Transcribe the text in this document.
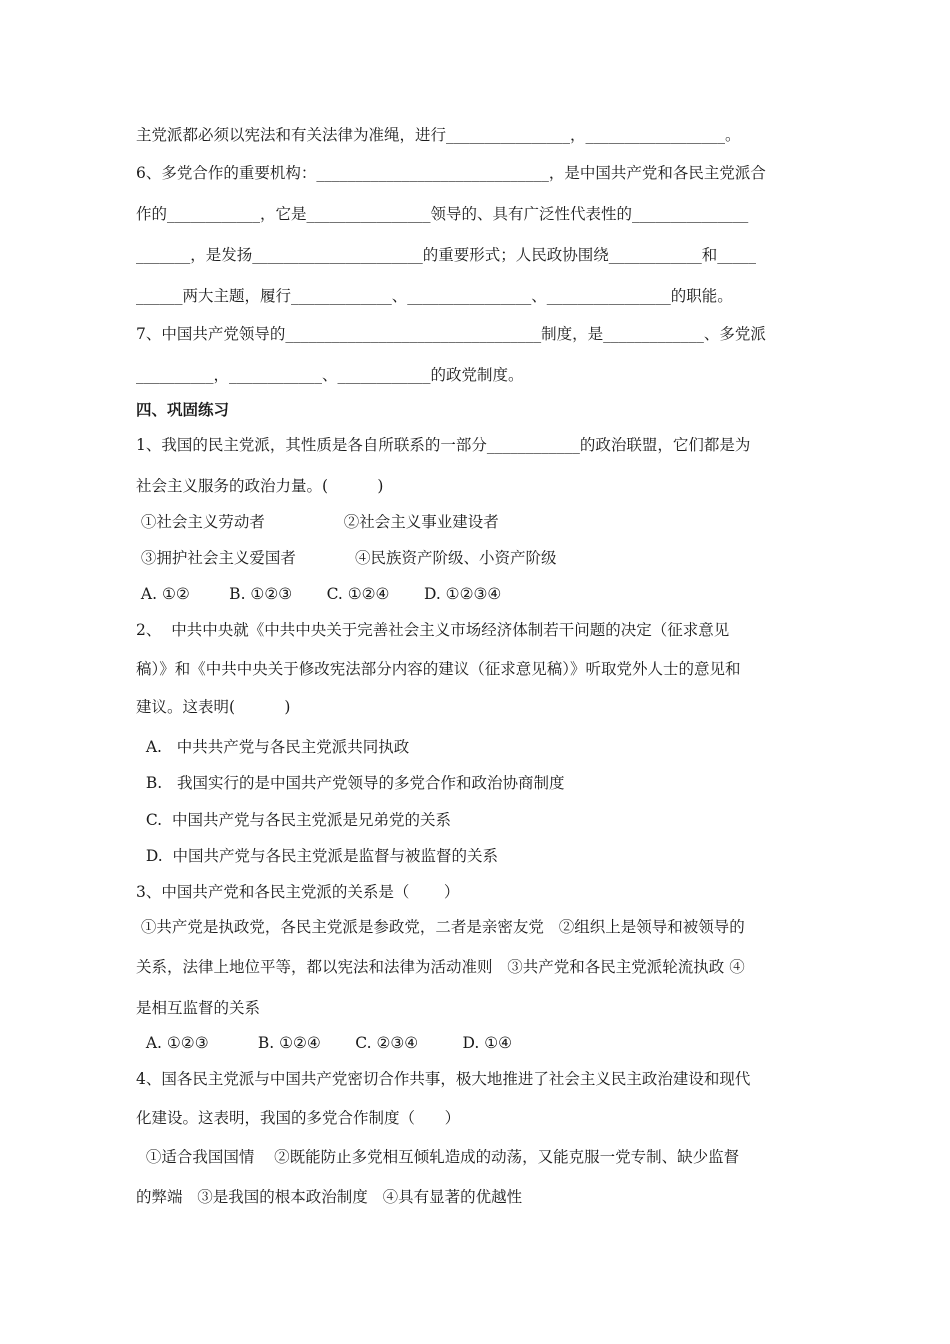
主党派都必须以宪法和有关法律为准绳，进行________________，__________________。
6、多党合作的重要机构：______________________________，是中国共产党和各民主党派合
作的____________，它是________________领导的、具有广泛性代表性的_______________
_______，是发扬______________________的重要形式；人民政协围绕____________和_____
______两大主题，履行_____________、________________、________________的职能。
7、中国共产党领导的_________________________________制度，是_____________、多党派
__________，____________、____________的政党制度。
四、巩固练习
1、我国的民主党派，其性质是各自所联系的一部分____________的政治联盟，它们都是为
社会主义服务的政治力量。(          )
①社会主义劳动者                ②社会主义事业建设者
③拥护社会主义爱国者            ④民族资产阶级、小资产阶级
A. ①②        B. ①②③       C. ①②④       D. ①②③④
2、  中共中央就《中共中央关于完善社会主义市场经济体制若干问题的决定（征求意见
稿）》和《中共中央关于修改宪法部分内容的建议（征求意见稿）》听取党外人士的意见和
建议。这表明(          )
A.   中共共产党与各民主党派共同执政
B.   我国实行的是中国共产党领导的多党合作和政治协商制度
C.  中国共产党与各民主党派是兄弟党的关系
D.  中国共产党与各民主党派是监督与被监督的关系
3、中国共产党和各民主党派的关系是（       ）
①共产党是执政党，各民主党派是参政党，二者是亲密友党   ②组织上是领导和被领导的
关系，法律上地位平等，都以宪法和法律为活动准则   ③共产党和各民主党派轮流执政 ④
是相互监督的关系
A. ①②③          B. ①②④       C. ②③④         D. ①④
4、国各民主党派与中国共产党密切合作共事，极大地推进了社会主义民主政治建设和现代
化建设。这表明，我国的多党合作制度（      ）
①适合我国国情    ②既能防止多党相互倾轧造成的动荡，又能克服一党专制、缺少监督
的弊端   ③是我国的根本政治制度   ④具有显著的优越性
